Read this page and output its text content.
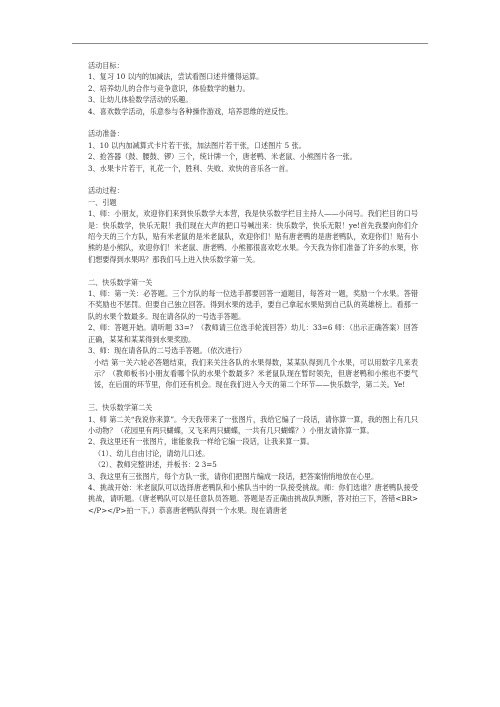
活动目标：

1、复习 10 以内的加减法，尝试看图口述并懂得运算。

2、培养幼儿的合作与竞争意识，体验数学的魅力。

3、让幼儿体验数学活动的乐趣。

4、喜欢数学活动，乐意参与各种操作游戏，培养思维的逆反性。

活动准备：

1、10 以内加减算式卡片若干张，加法图片若干张，口述图片 5 张。

2、抢答器（鼓、腰鼓、锣）三个，统计牌一个，唐老鸭、米老鼠、小熊图片各一张。

3、水果卡片若干，礼花一个，胜利、失败、欢快的音乐各一首。

活动过程：

一、引题

1、师：小朋友，欢迎你们来到快乐数学大本营，我是快乐数学栏目主持人——小问号。我们栏目的口号是：快乐数学，快乐无限！我们现在大声的把口号喊出来：快乐数学，快乐无限！ye!首先我要向你们介绍今天的三个方队，贴有米老鼠的是米老鼠队，欢迎你们！贴有唐老鸭的是唐老鸭队，欢迎你们！贴有小熊的是小熊队，欢迎你们！米老鼠、唐老鸭、小熊都很喜欢吃水果。今天我为你们准备了许多的水果，你们想要得到水果吗？那我们马上进入快乐数学第一关。

二、快乐数学第一关

1、师：第一关：必答题。三个方队的每一位选手都要回答一道题目，每答对一题，奖励一个水果。答错不奖励也不惩罚。但要自己独立回答。得到水果的选手，要自己拿起水果贴到自己队的英雄榜上。看那一队的水果个数最多。现在请各队的一号选手答题。

2、师：答题开始。请听题 33=？（教师请三位选手轮流回答）幼儿：33=6 师：（出示正确答案）回答正确，某某和某某得到水果奖励。

3、师：现在请各队的二号选手答题。（依次进行）

小结 第一关六轮必答题结束，我们来关注各队的水果得数，某某队得到几个水果，可以用数字几来表示？（教师板书)小朋友看哪个队的水果个数最多？米老鼠队现在暂时领先，但唐老鸭和小熊也不要气馁，在后面的环节里，你们还有机会。现在我们进入今天的第二个环节——快乐数学，第二关。Ye!

三、快乐数学第二关

1、师 第二关“我说你来算”。今天我带来了一张图片，我给它编了一段话，请你算一算，我的图上有几只小动物？（花园里有两只蝴蝶，又飞来两只蝴蝶，一共有几只蝴蝶？）小朋友请你算一算。

2、我这里还有一张图片，谁能象我一样给它编一段话，让我来算一算。

（1）、幼儿自由讨论，请幼儿口述。

（2）、教师完整讲述，并板书：2 3=5

3、我这里有三张图片，每个方队一张，请你们把图片编成一段话，把答案悄悄地放在心里。

4、挑战开始：米老鼠队可以选择唐老鸭队和小熊队当中的一队接受挑战。师：你们选谁？唐老鸭队接受挑战，请听题。（唐老鸭队可以是任意队员答题。答题是否正确由挑战队判断，答对拍三下，答错<BR></P></P>拍一下。）恭喜唐老鸭队得到一个水果。现在请唐老
